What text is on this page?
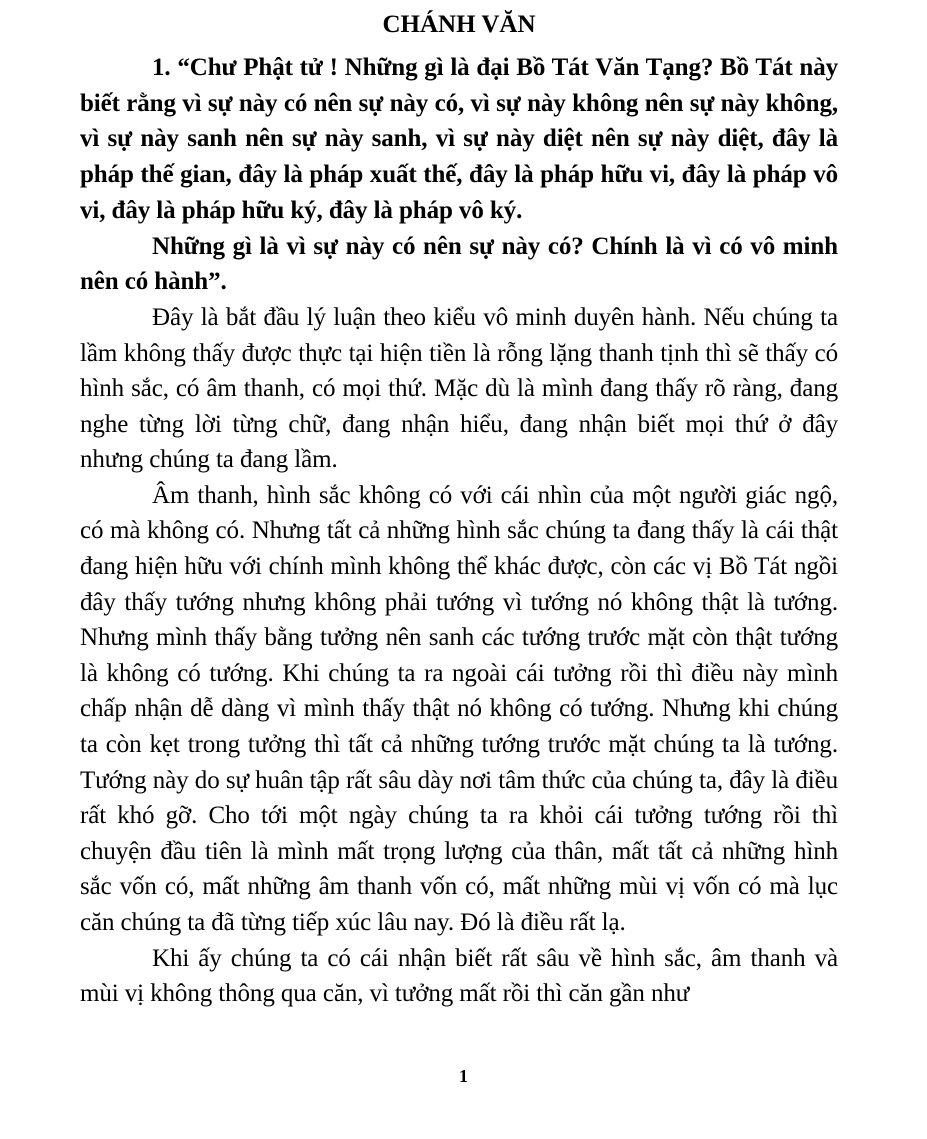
CHÁNH VĂN

1. “Chư Phật tử ! Những gì là đại Bồ Tát Văn Tạng? Bồ Tát này biết rằng vì sự này có nên sự này có, vì sự này không nên sự này không, vì sự này sanh nên sự này sanh, vì sự này diệt nên sự này diệt, đây là pháp thế gian, đây là pháp xuất thế, đây là pháp hữu vi, đây là pháp vô vi, đây là pháp hữu ký, đây là pháp vô ký.

Những gì là vì sự này có nên sự này có? Chính là vì có vô minh nên có hành”.

Đây là bắt đầu lý luận theo kiểu vô minh duyên hành. Nếu chúng ta lầm không thấy được thực tại hiện tiền là rỗng lặng thanh tịnh thì sẽ thấy có hình sắc, có âm thanh, có mọi thứ. Mặc dù là mình đang thấy rõ ràng, đang nghe từng lời từng chữ, đang nhận hiểu, đang nhận biết mọi thứ ở đây nhưng chúng ta đang lầm.

Âm thanh, hình sắc không có với cái nhìn của một người giác ngộ, có mà không có. Nhưng tất cả những hình sắc chúng ta đang thấy là cái thật đang hiện hữu với chính mình không thể khác được, còn các vị Bồ Tát ngồi đây thấy tướng nhưng không phải tướng vì tướng nó không thật là tướng. Nhưng mình thấy bằng tưởng nên sanh các tướng trước mặt còn thật tướng là không có tướng. Khi chúng ta ra ngoài cái tưởng rồi thì điều này mình chấp nhận dễ dàng vì mình thấy thật nó không có tướng. Nhưng khi chúng ta còn kẹt trong tưởng thì tất cả những tướng trước mặt chúng ta là tướng. Tướng này do sự huân tập rất sâu dày nơi tâm thức của chúng ta, đây là điều rất khó gỡ. Cho tới một ngày chúng ta ra khỏi cái tưởng tướng rồi thì chuyện đầu tiên là mình mất trọng lượng của thân, mất tất cả những hình sắc vốn có, mất những âm thanh vốn có, mất những mùi vị vốn có mà lục căn chúng ta đã từng tiếp xúc lâu nay. Đó là điều rất lạ.

Khi ấy chúng ta có cái nhận biết rất sâu về hình sắc, âm thanh và mùi vị không thông qua căn, vì tưởng mất rồi thì căn gần như

1
